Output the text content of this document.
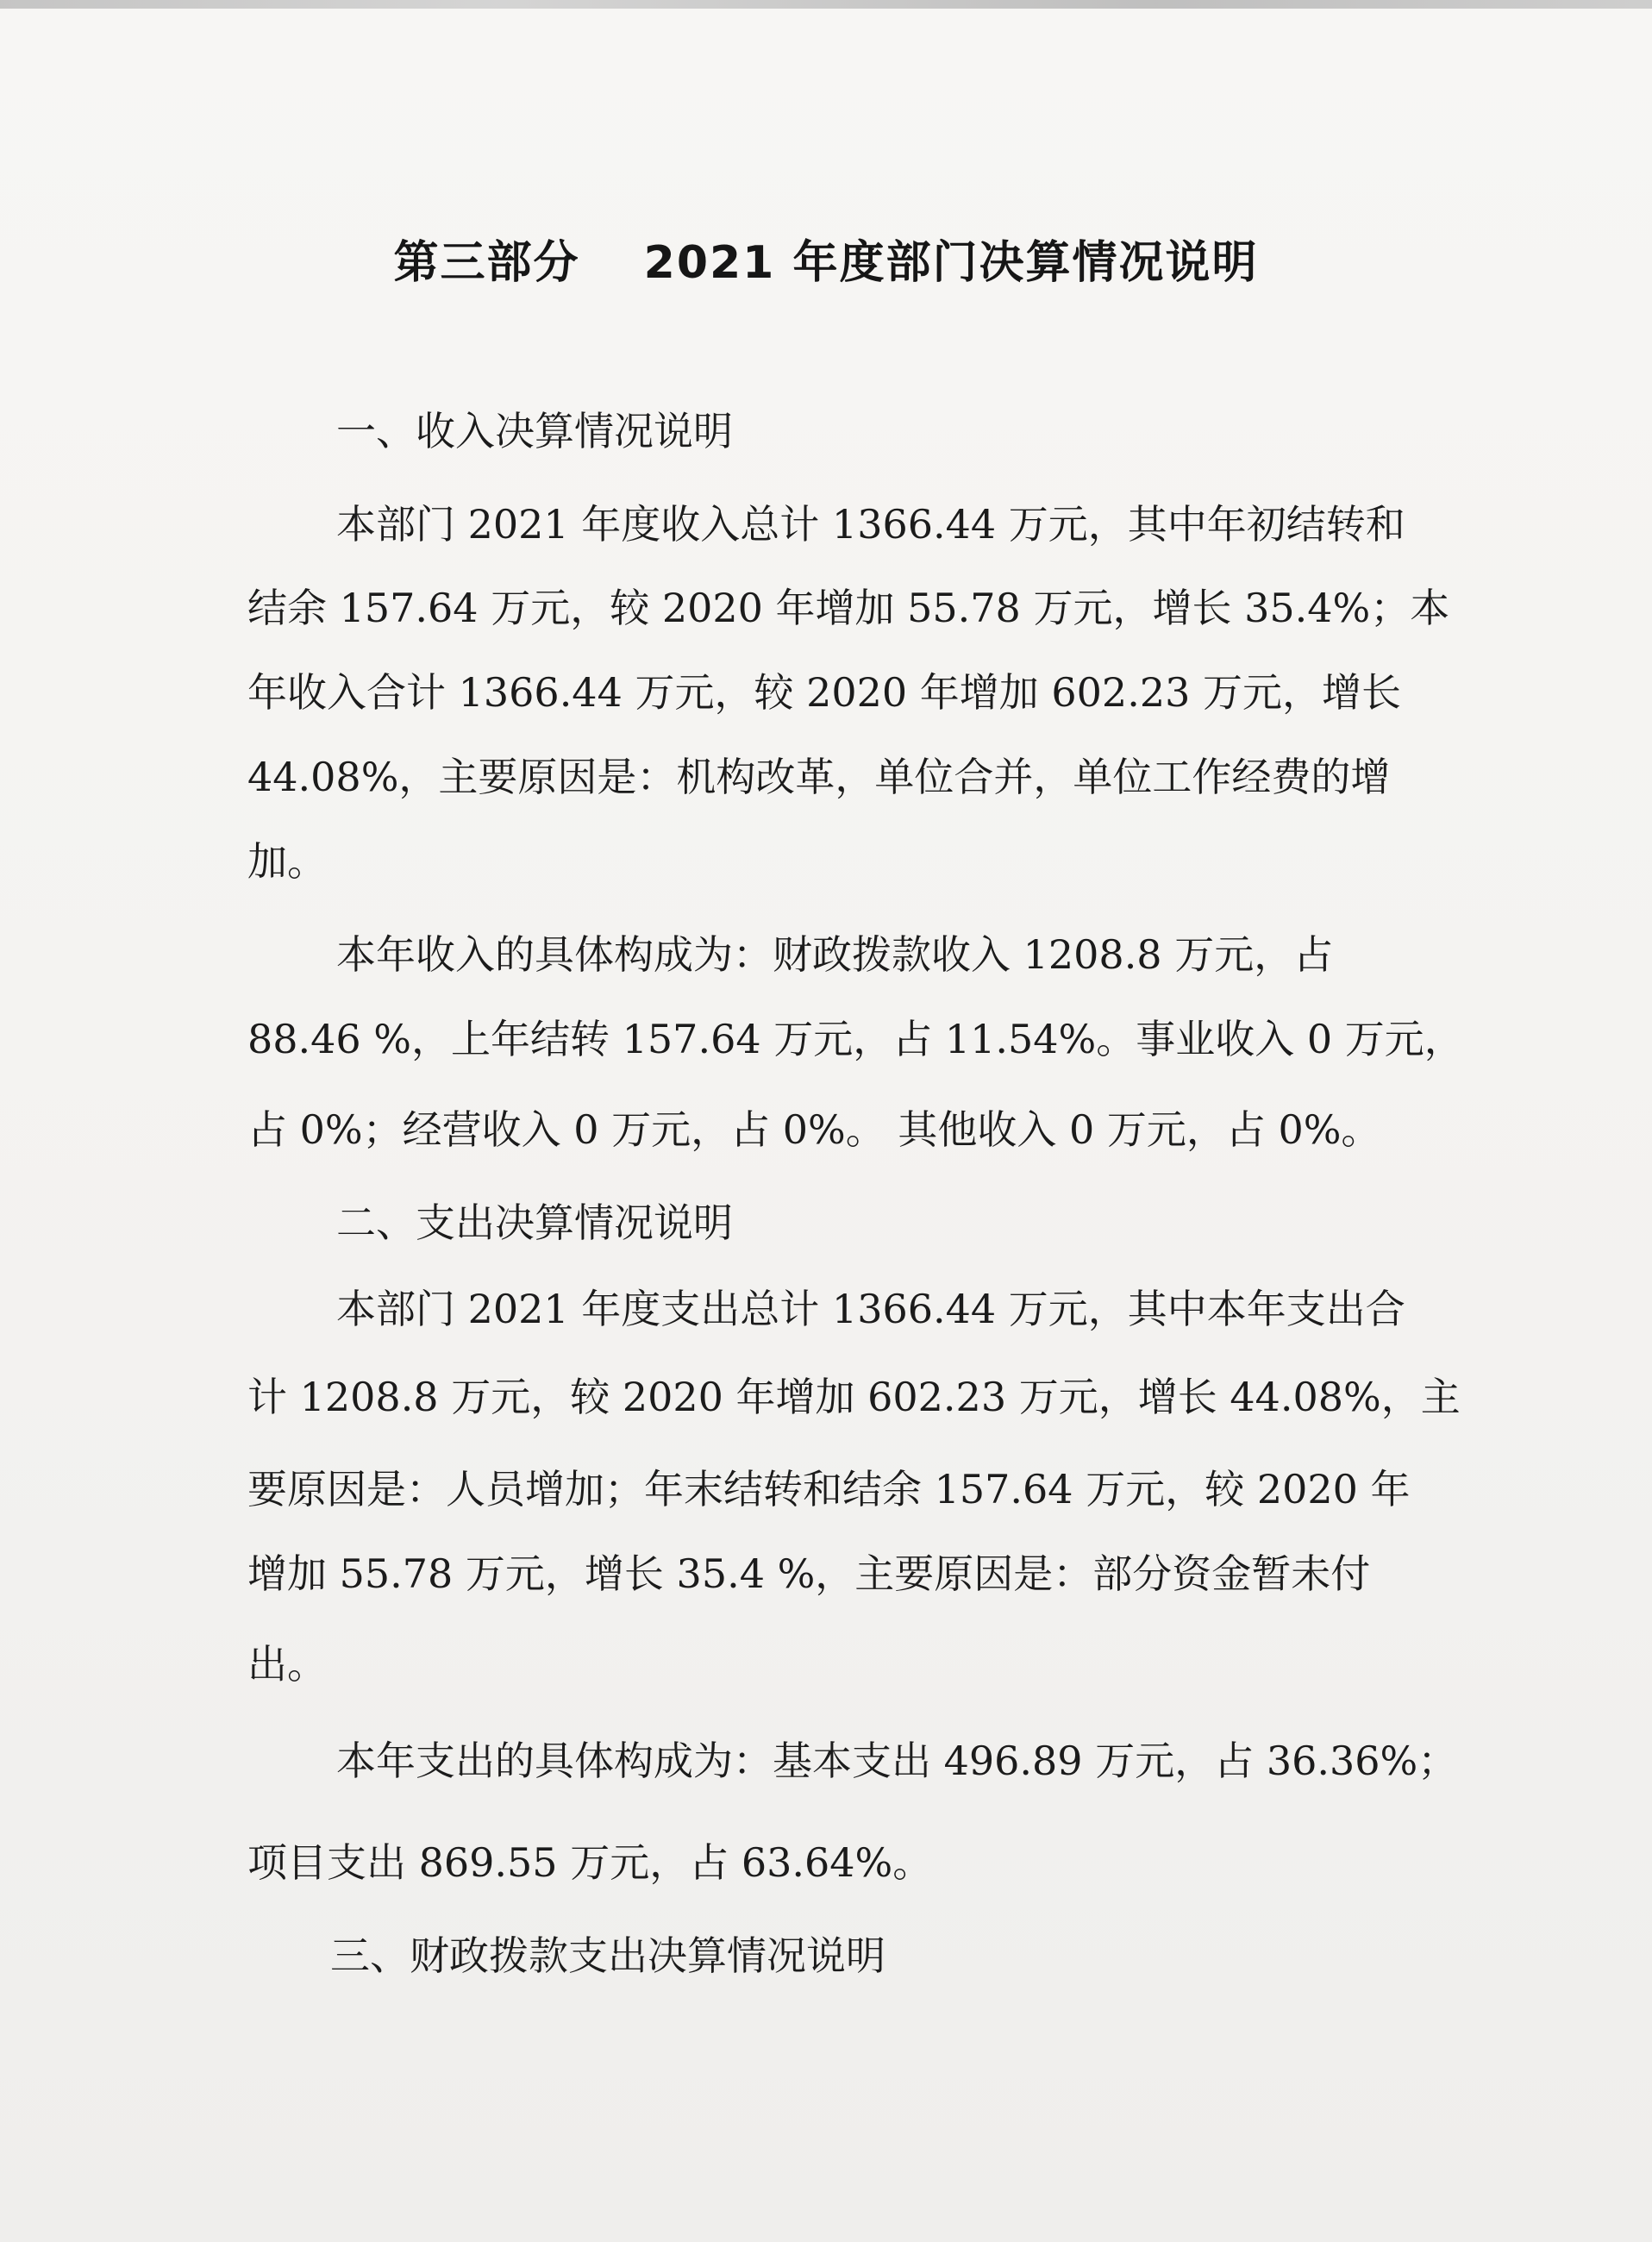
第三部分　 2021 年度部门决算情况说明
一、收入决算情况说明
本部门 2021 年度收入总计 1366.44 万元，其中年初结转和
结余 157.64 万元，较 2020 年增加 55.78 万元，增长 35.4%；本
年收入合计 1366.44 万元，较 2020 年增加 602.23 万元，增长
44.08%，主要原因是：机构改革，单位合并，单位工作经费的增
加。
本年收入的具体构成为：财政拨款收入 1208.8 万元，占
88.46 %，上年结转 157.64 万元，占 11.54%。事业收入 0 万元，
占 0%；经营收入 0 万元，占 0%。 其他收入 0 万元，占 0%。
二、支出决算情况说明
本部门 2021 年度支出总计 1366.44 万元，其中本年支出合
计 1208.8 万元，较 2020 年增加 602.23 万元，增长 44.08%，主
要原因是：人员增加；年末结转和结余 157.64 万元，较 2020 年
增加 55.78 万元，增长 35.4 %，主要原因是：部分资金暂未付
出。
本年支出的具体构成为：基本支出 496.89 万元，占 36.36%；
项目支出 869.55 万元，占 63.64%。
三、财政拨款支出决算情况说明
